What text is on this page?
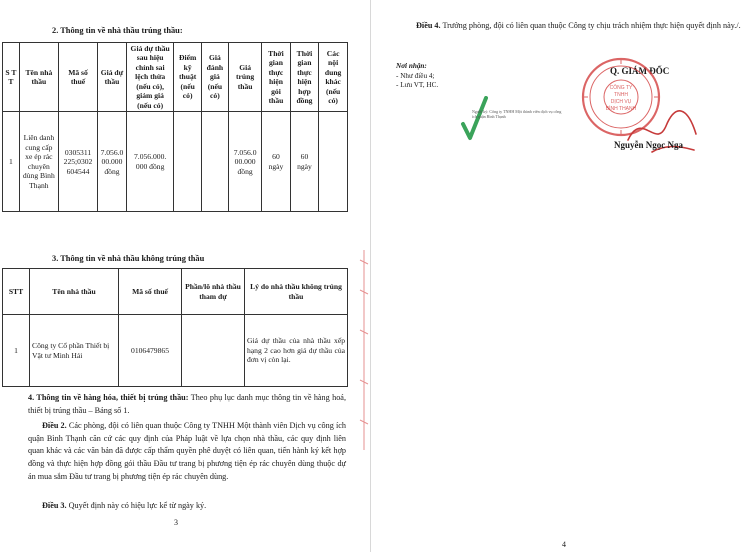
2. Thông tin về nhà thầu trúng thầu:
S T T	Tên nhà thầu	Mã số thuế	Giá dự thầu	Giá dự thầu sau hiệu chỉnh sai lệch thừa (nếu có), giảm giá (nếu có)	Điểm kỹ thuật (nếu có)	Giá đánh giá (nếu có)	Giá trúng thầu	Thời gian thực hiện gói thầu	Thời gian thực hiện hợp đồng	Các nội dung khác (nếu có)
1	Liên danh cung cấp xe ép rác chuyên dùng Bình Thạnh	0305311 225;0302 604544	7.056.0 00.000 đồng	7.056.000. 000 đồng			7.056.0 00.000 đồng	60 ngày	60 ngày	
3. Thông tin về nhà thầu không trúng thầu
STT	Tên nhà thầu	Mã số thuế	Phần/lô nhà thầu tham dự	Lý do nhà thầu không trúng thầu
1	Công ty Cổ phần Thiết bị Vật tư Minh Hải	0106479865		Giá dự thầu của nhà thầu xếp hạng 2 cao hơn giá dự thầu của đơn vị còn lại.
4. Thông tin về hàng hóa, thiết bị trúng thầu: Theo phụ lục danh mục thông tin về hàng hoá, thiết bị trúng thầu – Bảng số 1.
Điều 2. Các phòng, đội có liên quan thuộc Công ty TNHH Một thành viên Dịch vụ công ích quận Bình Thạnh căn cứ các quy định của Pháp luật về lựa chọn nhà thầu, các quy định liên quan khác và các văn bản đã được cấp thẩm quyền phê duyệt có liên quan, tiến hành ký kết hợp đồng và thực hiện hợp đồng gói thầu Đầu tư trang bị phương tiện ép rác chuyên dùng thuộc dự án mua sắm Đầu tư trang bị phương tiện ép rác chuyên dùng.
Điều 3. Quyết định này có hiệu lực kể từ ngày ký.
3
Điều 4. Trưởng phòng, đội có liên quan thuộc Công ty chịu trách nhiệm thực hiện quyết định này./.
Nơi nhận:
- Như điều 4;
- Lưu VT, HC.
Người ký: Công ty TNHH Một thành viên dịch vụ công ích quận Bình Thạnh
Q. GIÁM ĐỐC
CÔNG TY
TNHH
DỊCH VỤ
BÌNH THẠNH
Nguyễn Ngọc Nga
4
